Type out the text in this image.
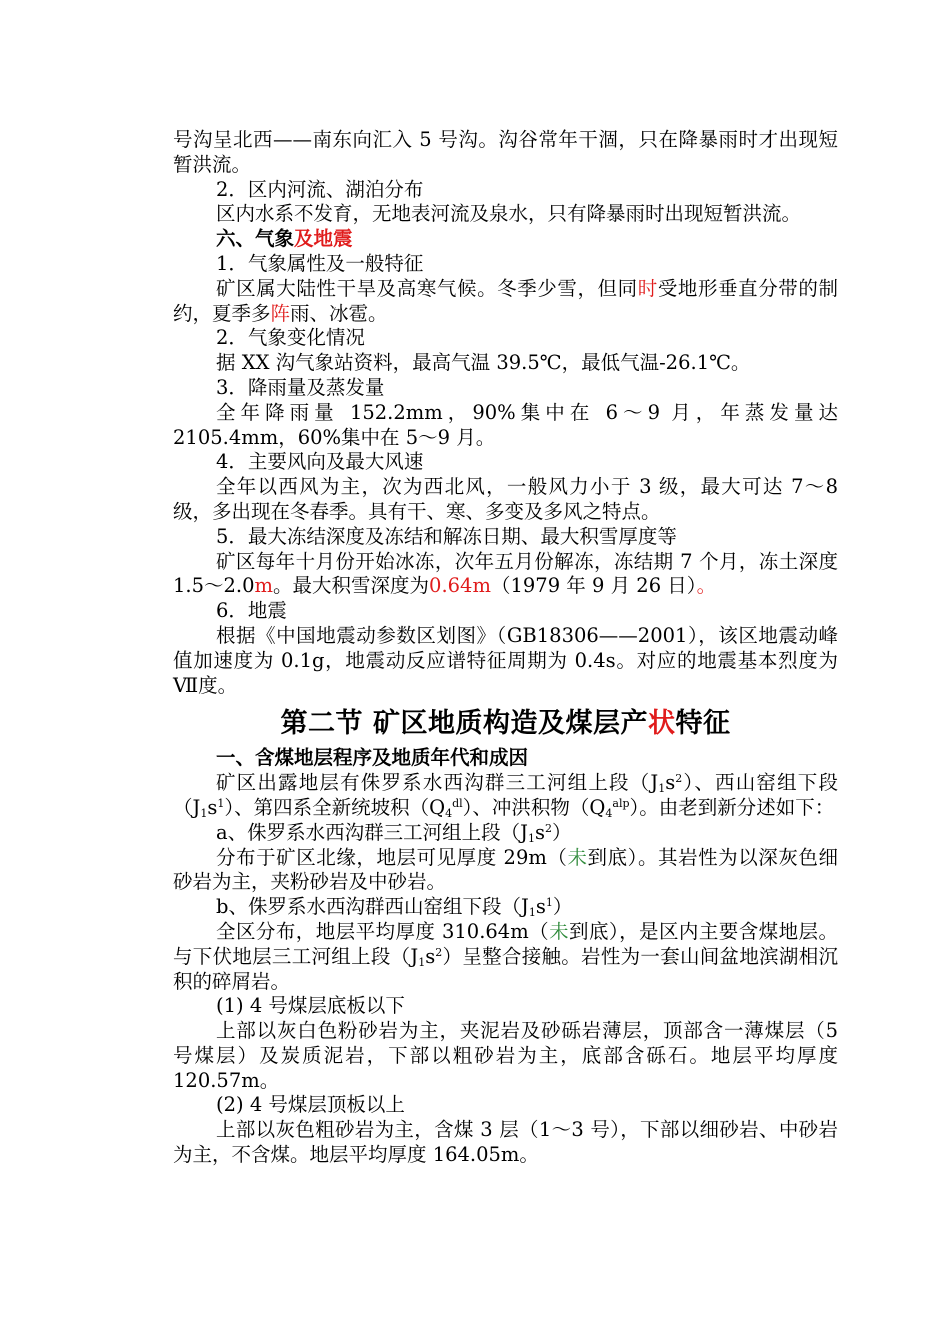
号沟呈北西——南东向汇入 5 号沟。沟谷常年干涸，只在降暴雨时才出现短暂洪流。

2．区内河流、湖泊分布

区内水系不发育，无地表河流及泉水，只有降暴雨时出现短暂洪流。

六、气象及地震

1．气象属性及一般特征

矿区属大陆性干旱及高寒气候。冬季少雪，但同时受地形垂直分带的制约，夏季多阵雨、冰雹。

2．气象变化情况

据 XX 沟气象站资料，最高气温 39.5℃，最低气温-26.1℃。

3．降雨量及蒸发量

全年降雨量 152.2mm，90%集中在 6～9 月，年蒸发量达 2105.4mm，60%集中在 5～9 月。

4．主要风向及最大风速

全年以西风为主，次为西北风，一般风力小于 3 级，最大可达 7～8 级，多出现在冬春季。具有干、寒、多变及多风之特点。

5．最大冻结深度及冻结和解冻日期、最大积雪厚度等

矿区每年十月份开始冰冻，次年五月份解冻，冻结期 7 个月，冻土深度 1.5～2.0m。最大积雪深度为0.64m（1979 年 9 月 26 日）。

6．地震

根据《中国地震动参数区划图》（GB18306——2001），该区地震动峰值加速度为 0.1g，地震动反应谱特征周期为 0.4s。对应的地震基本烈度为Ⅶ度。

第二节 矿区地质构造及煤层产状特征

一、含煤地层程序及地质年代和成因

矿区出露地层有侏罗系水西沟群三工河组上段$(J_1s^2)$、西山窑组下段$(J_1s^1)$、第四系全新统坡积$(Q_4^{dl})$、冲洪积物$(Q_4^{alp})$。由老到新分述如下：

a、侏罗系水西沟群三工河组上段$(J_1s^2)$

分布于矿区北缘，地层可见厚度 29m（未到底）。其岩性为以深灰色细砂岩为主，夹粉砂岩及中砂岩。

b、侏罗系水西沟群西山窑组下段$(J_1s^1)$

全区分布，地层平均厚度 310.64m（未到底），是区内主要含煤地层。与下伏地层三工河组上段$(J_1s^2)$呈整合接触。岩性为一套山间盆地滨湖相沉积的碎屑岩。

(1) 4 号煤层底板以下

上部以灰白色粉砂岩为主，夹泥岩及砂砾岩薄层，顶部含一薄煤层（5 号煤层）及炭质泥岩，下部以粗砂岩为主，底部含砾石。地层平均厚度 120.57m。

(2) 4 号煤层顶板以上

上部以灰色粗砂岩为主，含煤 3 层（1～3 号），下部以细砂岩、中砂岩为主，不含煤。地层平均厚度 164.05m。
